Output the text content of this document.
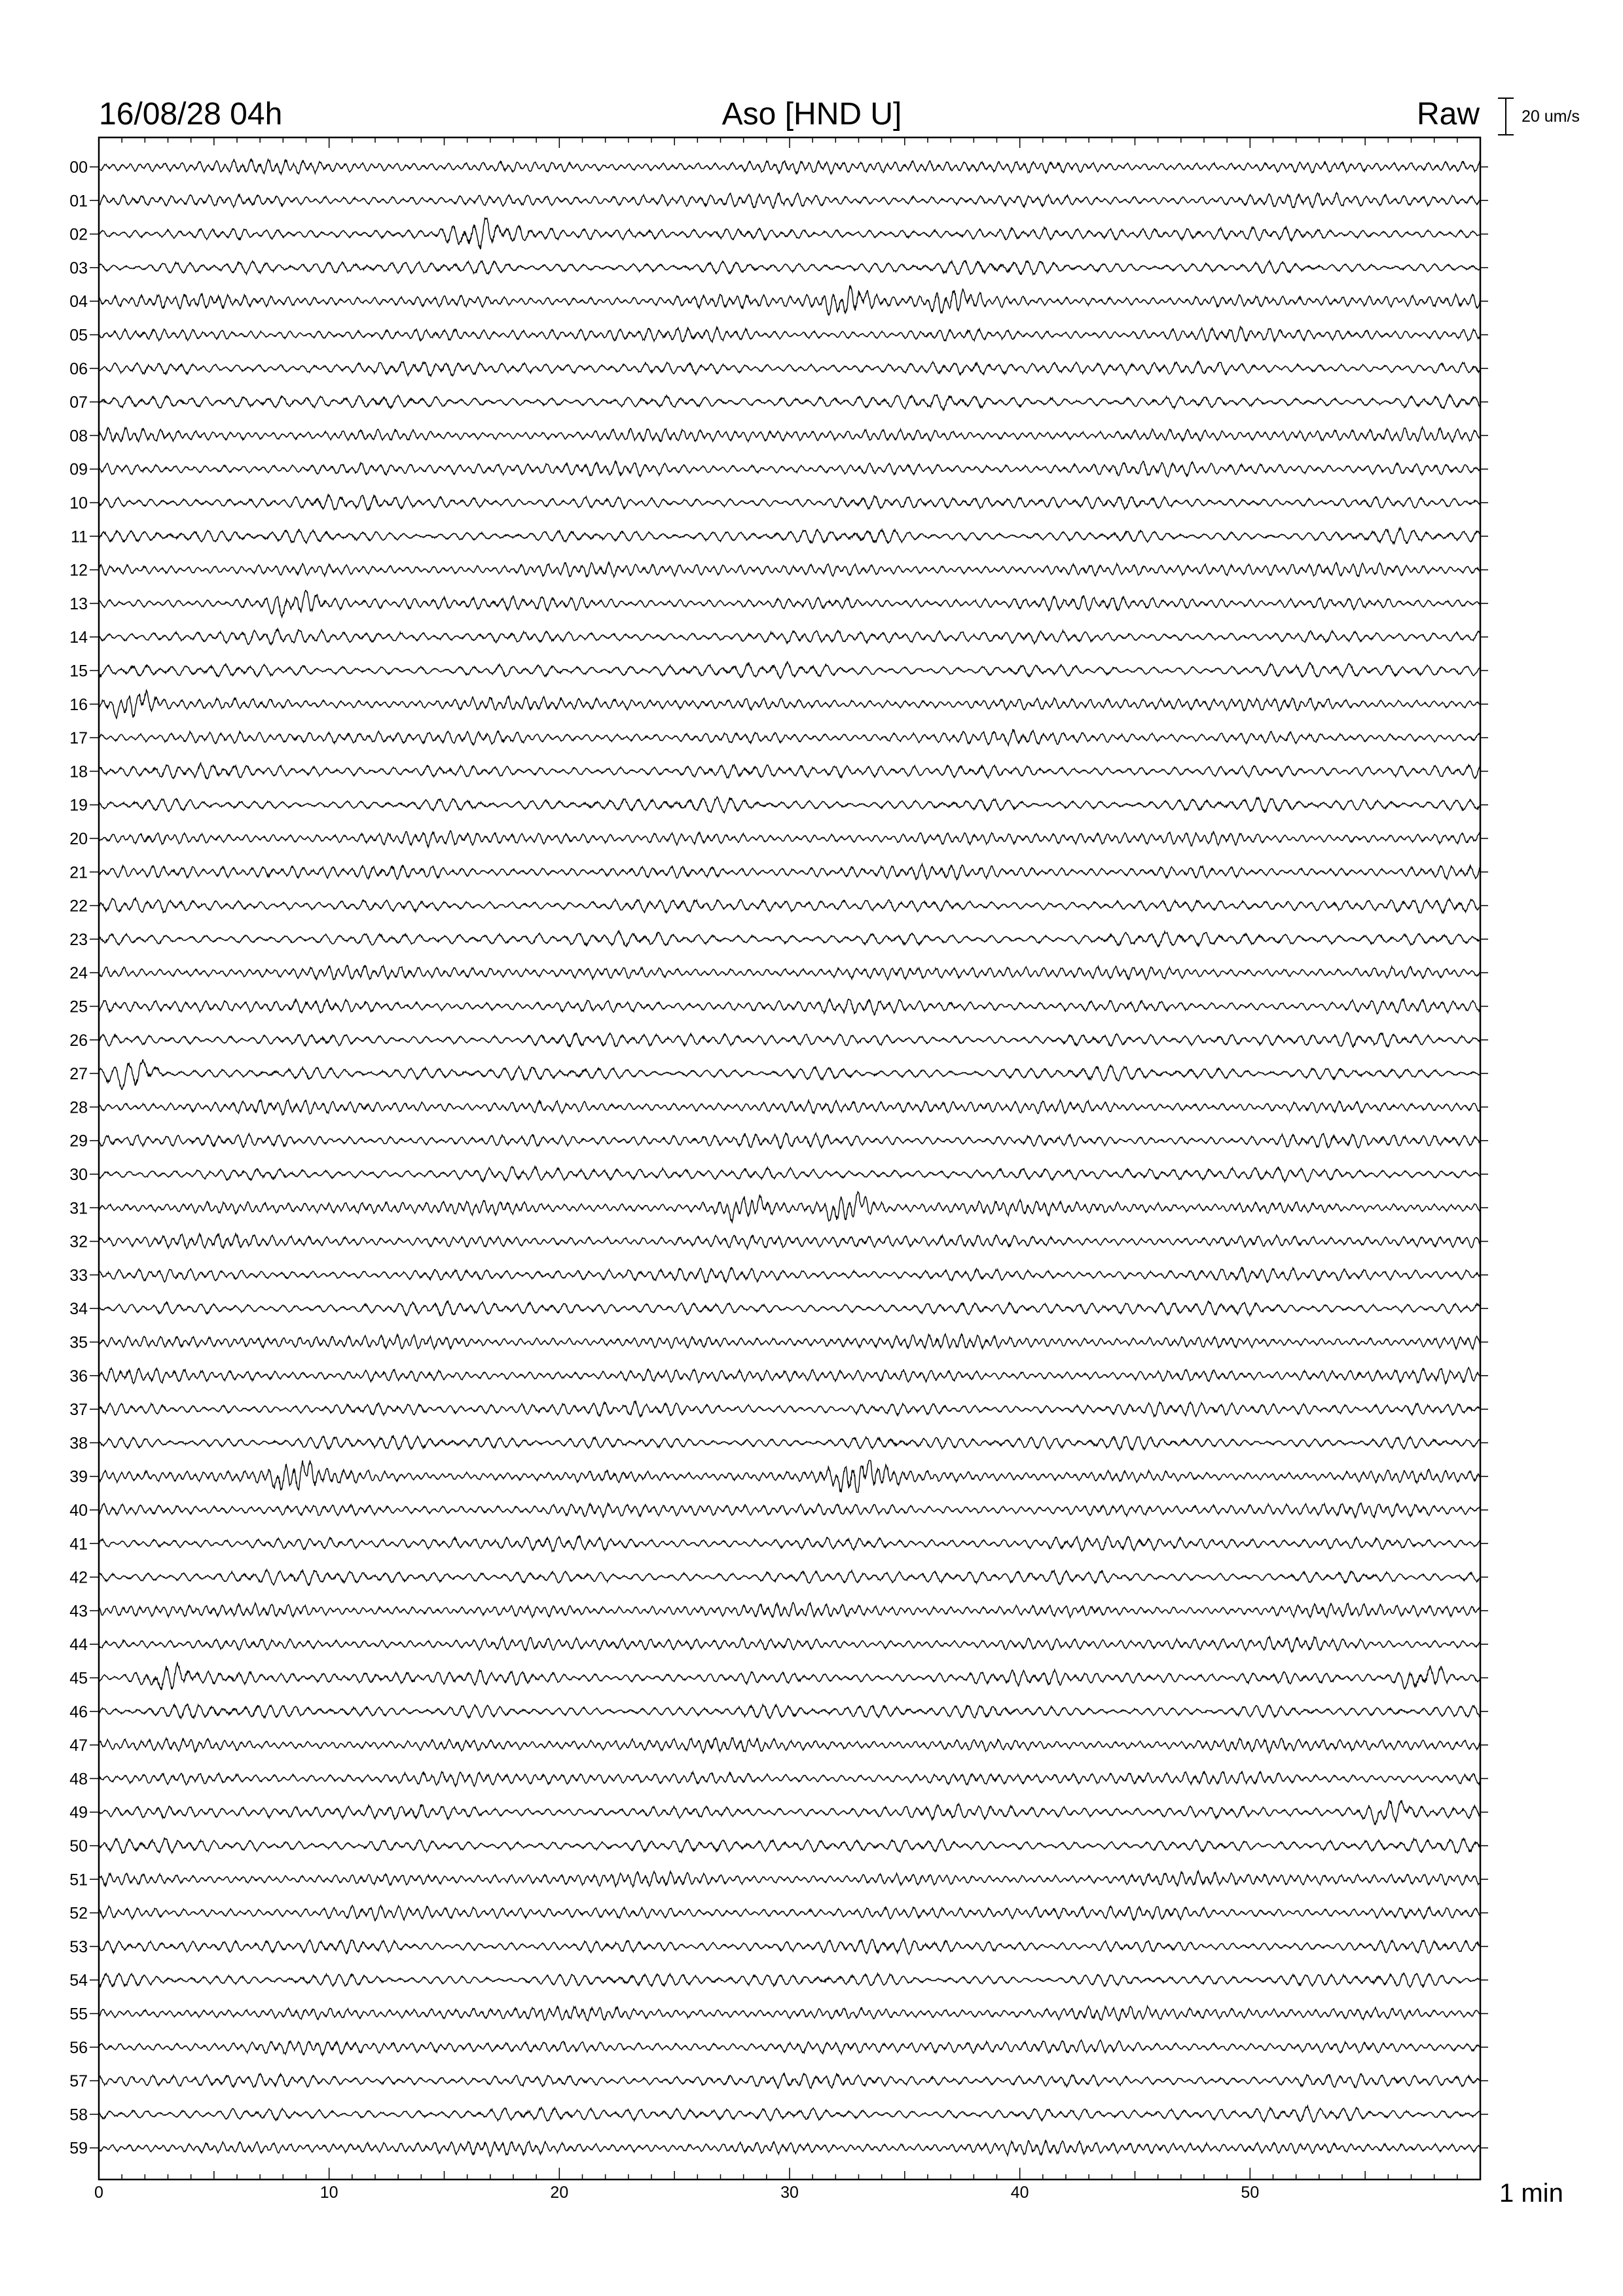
16/08/28 04h	Aso [HND U]	Raw	20 um/s
00
01
02
03
04
05
06
07
08
09
10
11
12
13
14
15
16
17
18
19
20
21
22
23
24
25
26
27
28
29
30
31
32
33
34
35
36
37
38
39
40
41
42
43
44
45
46
47
48
49
50
51
52
53
54
55
56
57
58
59
0	10	20	30	40	50	1 min
